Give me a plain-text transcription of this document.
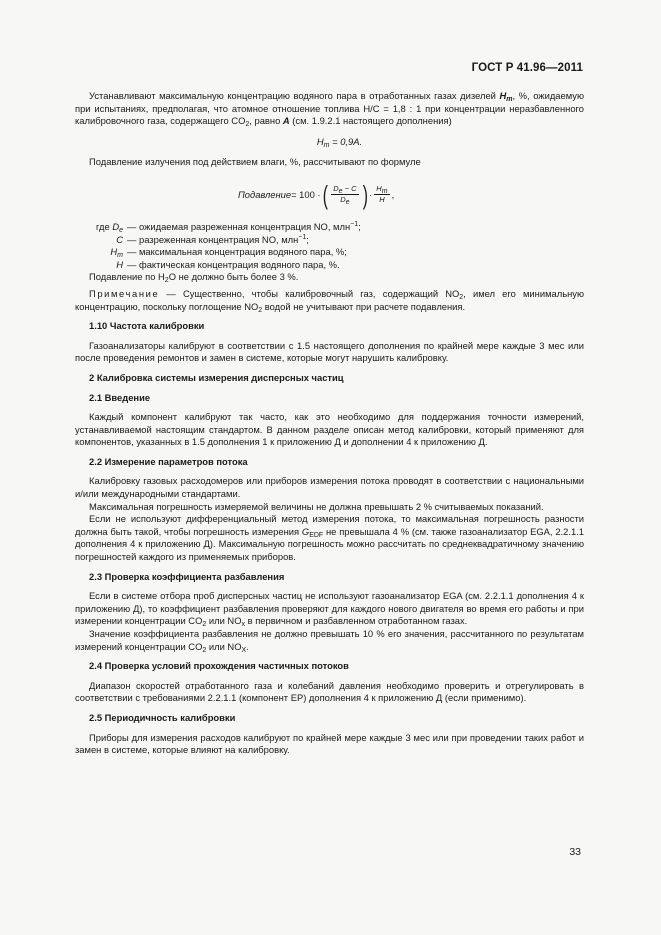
ГОСТ Р 41.96—2011

Устанавливают максимальную концентрацию водяного пара в отработанных газах дизелей $H_m$, %, ожидаемую при испытаниях, предполагая, что атомное отношение топлива H/C = 1,8 : 1 при концентрации неразбавленного калибровочного газа, содержащего $CO_2$, равно A (см. 1.9.2.1 настоящего дополнения)

$H_m = 0,9A$.

Подавление излучения под действием влаги, %, рассчитывают по формуле

Подавление = 100 · ( $\frac{D_e - C}{D_e}$ ) · $\frac{H_m}{H}$ ,
где $D_e$ — ожидаемая разреженная концентрация NO, млн$^{-1}$;
C — разреженная концентрация NO, млн$^{-1}$;
$H_m$ — максимальная концентрация водяного пара, %;
H — фактическая концентрация водяного пара, %.

Подавление по $H_2O$ не должно быть более 3 %.

Примечание — Существенно, чтобы калибровочный газ, содержащий $NO_2$, имел его минимальную концентрацию, поскольку поглощение $NO_2$ водой не учитывают при расчете подавления.

1.10 Частота калибровки

Газоанализаторы калибруют в соответствии с 1.5 настоящего дополнения по крайней мере каждые 3 мес или после проведения ремонтов и замен в системе, которые могут нарушить калибровку.

2 Калибровка системы измерения дисперсных частиц

2.1 Введение

Каждый компонент калибруют так часто, как это необходимо для поддержания точности измерений, устанавливаемой настоящим стандартом. В данном разделе описан метод калибровки, который применяют для компонентов, указанных в 1.5 дополнения 1 к приложению Д и дополнении 4 к приложению Д.

2.2 Измерение параметров потока

Калибровку газовых расходомеров или приборов измерения потока проводят в соответствии с национальными и/или международными стандартами.

Максимальная погрешность измеряемой величины не должна превышать 2 % считываемых показаний.

Если не используют дифференциальный метод измерения потока, то максимальная погрешность разности должна быть такой, чтобы погрешность измерения $G_{EDF}$ не превышала 4 % (см. также газоанализатор EGA, 2.2.1.1 дополнения 4 к приложению Д). Максимальную погрешность можно рассчитать по среднеквадратичному значению погрешностей каждого из применяемых приборов.

2.3 Проверка коэффициента разбавления

Если в системе отбора проб дисперсных частиц не используют газоанализатор EGA (см. 2.2.1.1 дополнения 4 к приложению Д), то коэффициент разбавления проверяют для каждого нового двигателя во время его работы и при измерении концентрации $CO_2$ или $NO_x$ в первичном и разбавленном отработанном газах.

Значение коэффициента разбавления не должно превышать 10 % его значения, рассчитанного по результатам измерений концентрации $CO_2$ или $NO_X$.

2.4 Проверка условий прохождения частичных потоков

Диапазон скоростей отработанного газа и колебаний давления необходимо проверить и отрегулировать в соответствии с требованиями 2.2.1.1 (компонент EP) дополнения 4 к приложению Д (если применимо).

2.5 Периодичность калибровки

Приборы для измерения расходов калибруют по крайней мере каждые 3 мес или при проведении таких работ и замен в системе, которые влияют на калибровку.

33
